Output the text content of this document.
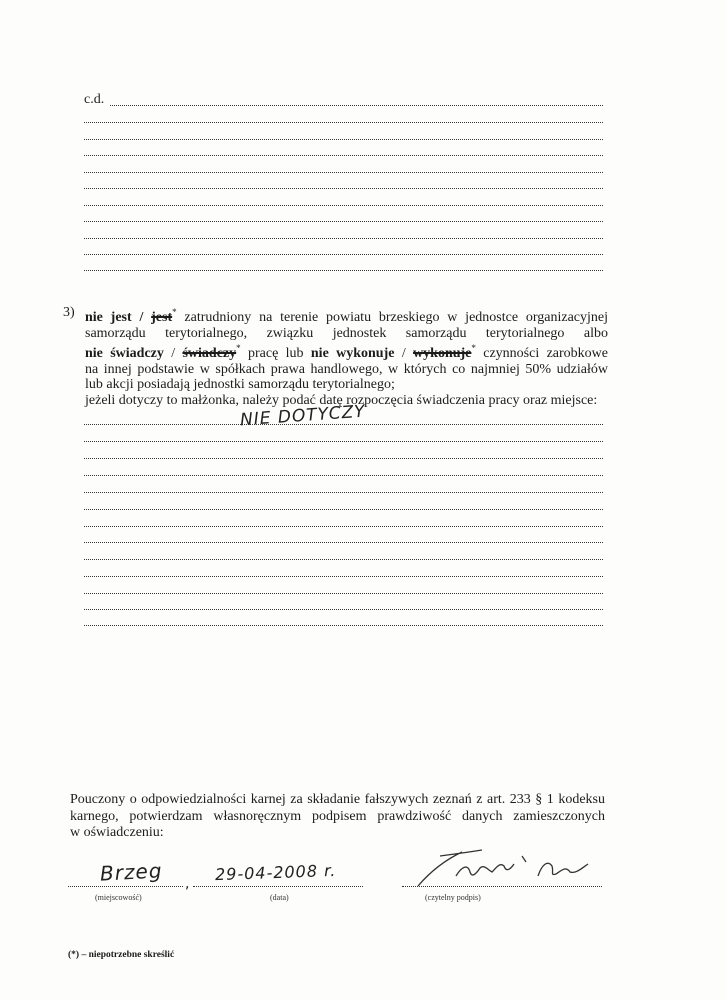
c.d.
3) nie jest / jest* zatrudniony na terenie powiatu brzeskiego w jednostce organizacyjnej
samorządu terytorialnego, związku jednostek samorządu terytorialnego albo
nie świadczy / świadczy* pracę lub nie wykonuje / wykonuje* czynności zarobkowe
na innej podstawie w spółkach prawa handlowego, w których co najmniej 50% udziałów
lub akcji posiadają jednostki samorządu terytorialnego;
jeżeli dotyczy to małżonka, należy podać datę rozpoczęcia świadczenia pracy oraz miejsce:
NIE DOTYCZY
Pouczony o odpowiedzialności karnej za składanie fałszywych zeznań z art. 233 § 1 kodeksu
karnego, potwierdzam własnoręcznym podpisem prawdziwość danych zamieszczonych
w oświadczeniu:
Brzeg , 29-04-2008 r.
(miejscowość)	(data)	(czytelny podpis)
(*) – niepotrzebne skreślić
